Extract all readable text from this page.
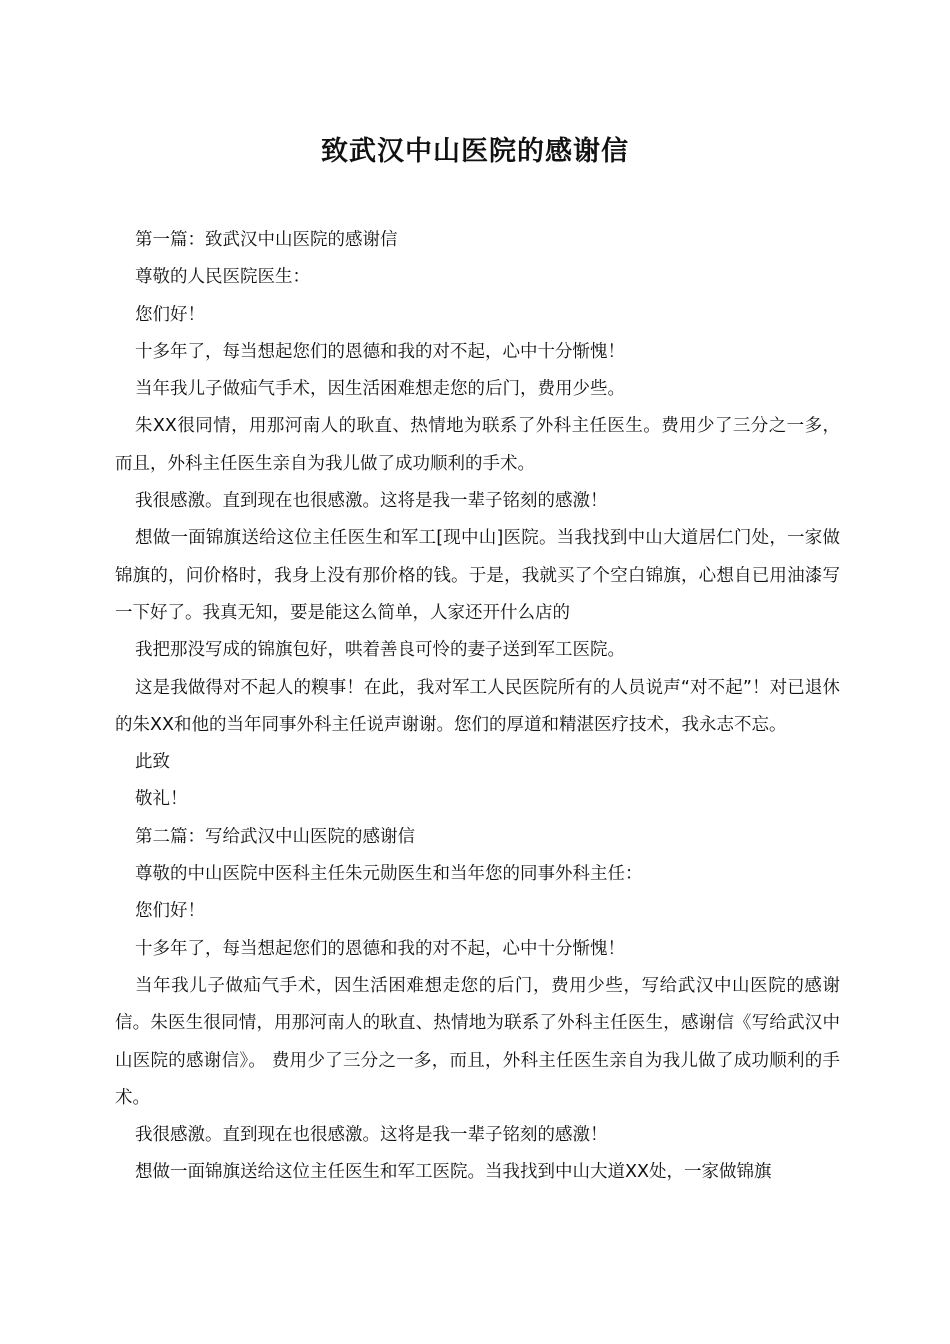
致武汉中山医院的感谢信

第一篇：致武汉中山医院的感谢信

尊敬的人民医院医生：

您们好！

十多年了，每当想起您们的恩德和我的对不起，心中十分惭愧！

当年我儿子做疝气手术，因生活困难想走您的后门，费用少些。

朱XX很同情，用那河南人的耿直、热情地为联系了外科主任医生。费用少了三分之一多，而且，外科主任医生亲自为我儿做了成功顺利的手术。

我很感激。直到现在也很感激。这将是我一辈子铭刻的感激！

想做一面锦旗送给这位主任医生和军工[现中山]医院。当我找到中山大道居仁门处，一家做锦旗的，问价格时，我身上没有那价格的钱。于是，我就买了个空白锦旗，心想自已用油漆写一下好了。我真无知，要是能这么简单，人家还开什么店的

我把那没写成的锦旗包好，哄着善良可怜的妻子送到军工医院。

这是我做得对不起人的糗事！在此，我对军工人民医院所有的人员说声“对不起”！对已退休的朱XX和他的当年同事外科主任说声谢谢。您们的厚道和精湛医疗技术，我永志不忘。

此致

敬礼！

第二篇：写给武汉中山医院的感谢信

尊敬的中山医院中医科主任朱元勋医生和当年您的同事外科主任：

您们好！

十多年了，每当想起您们的恩德和我的对不起，心中十分惭愧！

当年我儿子做疝气手术，因生活困难想走您的后门，费用少些，写给武汉中山医院的感谢信。朱医生很同情，用那河南人的耿直、热情地为联系了外科主任医生，感谢信《写给武汉中山医院的感谢信》。 费用少了三分之一多，而且，外科主任医生亲自为我儿做了成功顺利的手术。

我很感激。直到现在也很感激。这将是我一辈子铭刻的感激！

想做一面锦旗送给这位主任医生和军工医院。当我找到中山大道XX处，一家做锦旗
